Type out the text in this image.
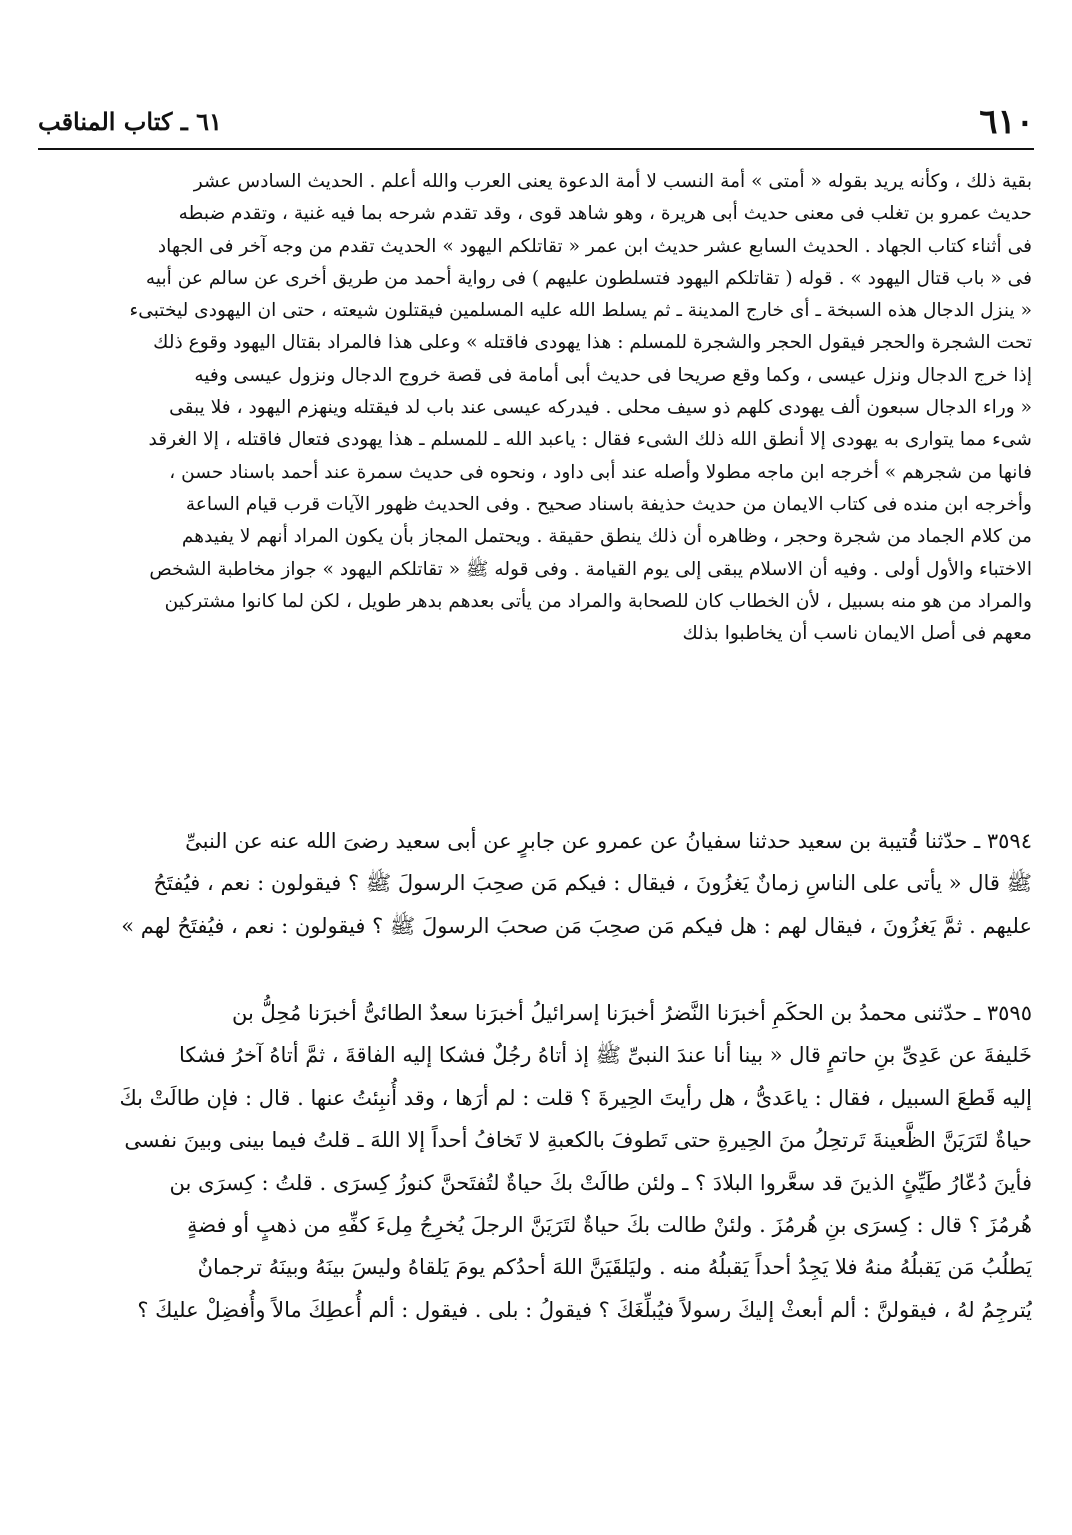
٦١٠
٦١ ـ كتاب المناقب
بقية ذلك ، وكأنه يريد بقوله « أمتى » أمة النسب لا أمة الدعوة يعنى العرب والله أعلم . الحديث السادس عشر
حديث عمرو بن تغلب فى معنى حديث أبى هريرة ، وهو شاهد قوى ، وقد تقدم شرحه بما فيه غنية ، وتقدم ضبطه
فى أثناء كتاب الجهاد . الحديث السابع عشر حديث ابن عمر « تقاتلكم اليهود » الحديث تقدم من وجه آخر فى الجهاد
فى « باب قتال اليهود » . قوله ( تقاتلكم اليهود فتسلطون عليهم ) فى رواية أحمد من طريق أخرى عن سالم عن أبيه
« ينزل الدجال هذه السبخة ـ أى خارج المدينة ـ ثم يسلط الله عليه المسلمين فيقتلون شيعته ، حتى ان اليهودى ليختبىء
تحت الشجرة والحجر فيقول الحجر والشجرة للمسلم : هذا يهودى فاقتله » وعلى هذا فالمراد بقتال اليهود وقوع ذلك
إذا خرج الدجال ونزل عيسى ، وكما وقع صريحا فى حديث أبى أمامة فى قصة خروج الدجال ونزول عيسى وفيه
« وراء الدجال سبعون ألف يهودى كلهم ذو سيف محلى . فيدركه عيسى عند باب لد فيقتله وينهزم اليهود ، فلا يبقى
شىء مما يتوارى به يهودى إلا أنطق الله ذلك الشىء فقال : ياعبد الله ـ للمسلم ـ هذا يهودى فتعال فاقتله ، إلا الغرقد
فانها من شجرهم » أخرجه ابن ماجه مطولا وأصله عند أبى داود ، ونحوه فى حديث سمرة عند أحمد باسناد حسن ،
وأخرجه ابن منده فى كتاب الايمان من حديث حذيفة باسناد صحيح . وفى الحديث ظهور الآيات قرب قيام الساعة
من كلام الجماد من شجرة وحجر ، وظاهره أن ذلك ينطق حقيقة . ويحتمل المجاز بأن يكون المراد أنهم لا يفيدهم
الاختباء والأول أولى . وفيه أن الاسلام يبقى إلى يوم القيامة . وفى قوله ﷺ « تقاتلكم اليهود » جواز مخاطبة الشخص
والمراد من هو منه بسبيل ، لأن الخطاب كان للصحابة والمراد من يأتى بعدهم بدهر طويل ، لكن لما كانوا مشتركين
معهم فى أصل الايمان ناسب أن يخاطبوا بذلك
٣٥٩٤ ـ حدّثنا قُتيبة بن سعيد حدثنا سفيانُ عن عمرو عن جابرٍ عن أبى سعيد رضىَ الله عنه عن النبىِّ
ﷺ قال « يأتى على الناسِ زمانٌ يَغزُونَ ، فيقال : فيكم مَن صحِبَ الرسولَ ﷺ ؟ فيقولون : نعم ، فيُفتَحُ
عليهم . ثمَّ يَغزُونَ ، فيقال لهم : هل فيكم مَن صحِبَ مَن صحبَ الرسولَ ﷺ ؟ فيقولون : نعم ، فيُفتَحُ لهم »
٣٥٩٥ ـ حدّثنى محمدُ بن الحكَمِ أخبرَنا النَّضرُ أخبرَنا إسرائيلُ أخبرَنا سعدٌ الطائىُّ أخبرَنا مُحِلُّ بن
خَليفةَ عن عَدِىِّ بنِ حاتمٍ قال « بينا أنا عندَ النبىِّ ﷺ إذ أتاهُ رجُلٌ فشكا إليه الفاقةَ ، ثمَّ أتاهُ آخرُ فشكا
إليه قَطعَ السبيل ، فقال : ياعَدىُّ ، هل رأيتَ الحِيرةَ ؟ قلت : لم أرَها ، وقد أُنبِئتُ عنها . قال : فإن طالَتْ بكَ
حياةٌ لتَرَيَنَّ الظَّعينةَ تَرتحِلُ منَ الحِيرةِ حتى تَطوفَ بالكعبةِ لا تَخافُ أحداً إلا اللهَ ـ قلتُ فيما بينى وبينَ نفسى
فأينَ دُعّارُ طَيِّئٍ الذينَ قد سعَّروا البلادَ ؟ ـ ولئن طالَتْ بكَ حياةٌ لتُفتَحنَّ كنوزُ كِسرَى . قلتُ : كِسرَى بن
هُرمُزَ ؟ قال : كِسرَى بنِ هُرمُزَ . ولئنْ طالت بكَ حياةٌ لتَرَيَنَّ الرجلَ يُخرِجُ مِلءَ كفِّهِ من ذهبٍ أو فضةٍ
يَطلُبُ مَن يَقبلُهُ منهُ فلا يَجِدُ أحداً يَقبلُهُ منه . وليَلقَيَنَّ اللهَ أحدُكم يومَ يَلقاهُ وليسَ بينَهُ وبينَهُ ترجمانٌ
يُترجِمُ لهُ ، فيقولنَّ : ألم أبعثْ إليكَ رسولاً فيُبلِّغَكَ ؟ فيقولُ : بلى . فيقول : ألم أُعطِكَ مالاً وأُفضِلْ عليكَ ؟
